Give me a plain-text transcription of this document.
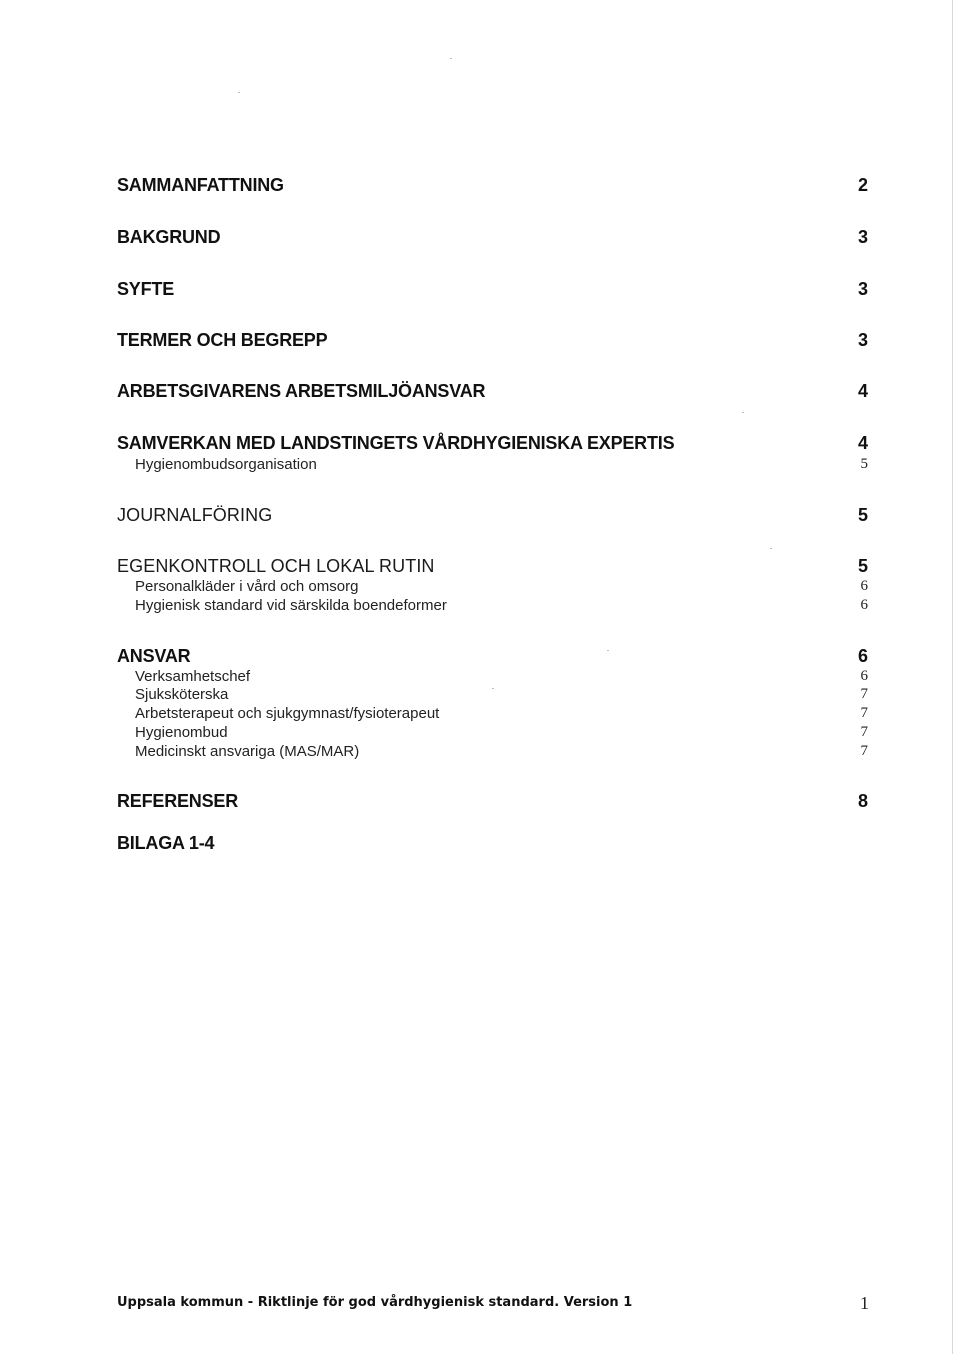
SAMMANFATTNING	2
BAKGRUND	3
SYFTE	3
TERMER OCH BEGREPP	3
ARBETSGIVARENS ARBETSMILJÖANSVAR	4
SAMVERKAN MED LANDSTINGETS VÅRDHYGIENISKA EXPERTIS	4
Hygienombudsorganisation	5
JOURNALFÖRING	5
EGENKONTROLL OCH LOKAL RUTIN	5
Personalkläder i vård och omsorg	6
Hygienisk standard vid särskilda boendeformer	6
ANSVAR	6
Verksamhetschef	6
Sjuksköterska	7
Arbetsterapeut och sjukgymnast/fysioterapeut	7
Hygienombud	7
Medicinskt ansvariga (MAS/MAR)	7
REFERENSER	8
BILAGA 1-4
Uppsala kommun - Riktlinje för god vårdhygienisk standard. Version 1	1
